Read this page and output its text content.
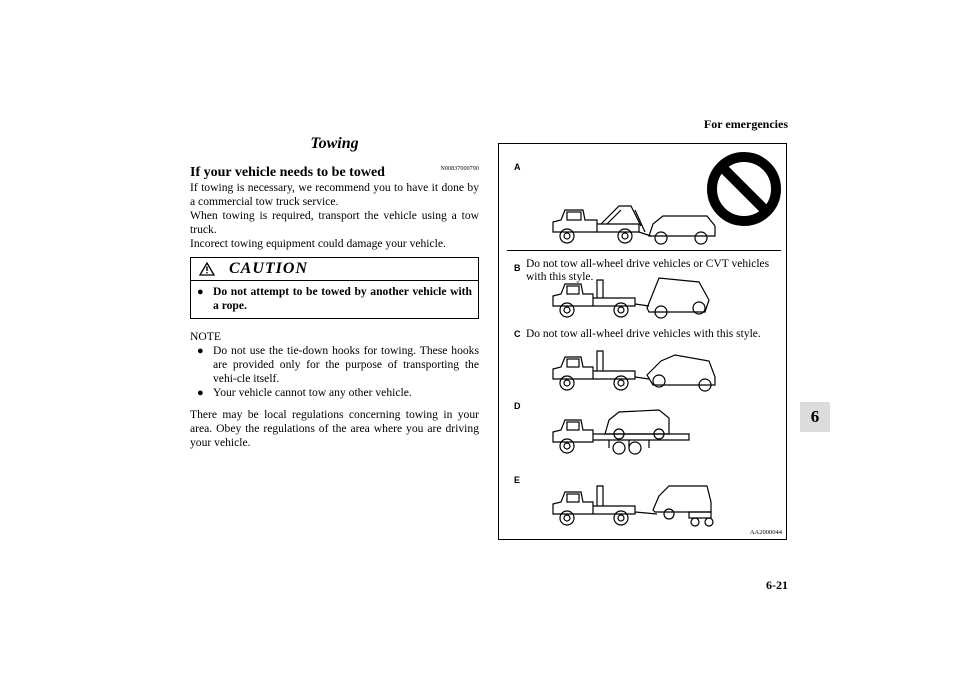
For emergencies
6-21
6
Towing
N00837000790
If your vehicle needs to be towed

If towing is necessary, we recommend you to have it done by a commercial tow truck service.

When towing is required, transport the vehicle using a tow truck.

Incorect towing equipment could damage your vehicle.

CAUTION
● Do not attempt to be towed by another vehicle with a rope.
NOTE
● Do not use the tie-down hooks for towing. These hooks are provided only for the purpose of transporting the vehi-cle itself.
● Your vehicle cannot tow any other vehicle.

There may be local regulations concerning towing in your area. Obey the regulations of the area where you are driving your vehicle.

A
B
C
D
E
Do not tow all-wheel drive vehicles or CVT vehicles with this style.
Do not tow all-wheel drive vehicles with this style.
AA2000044
